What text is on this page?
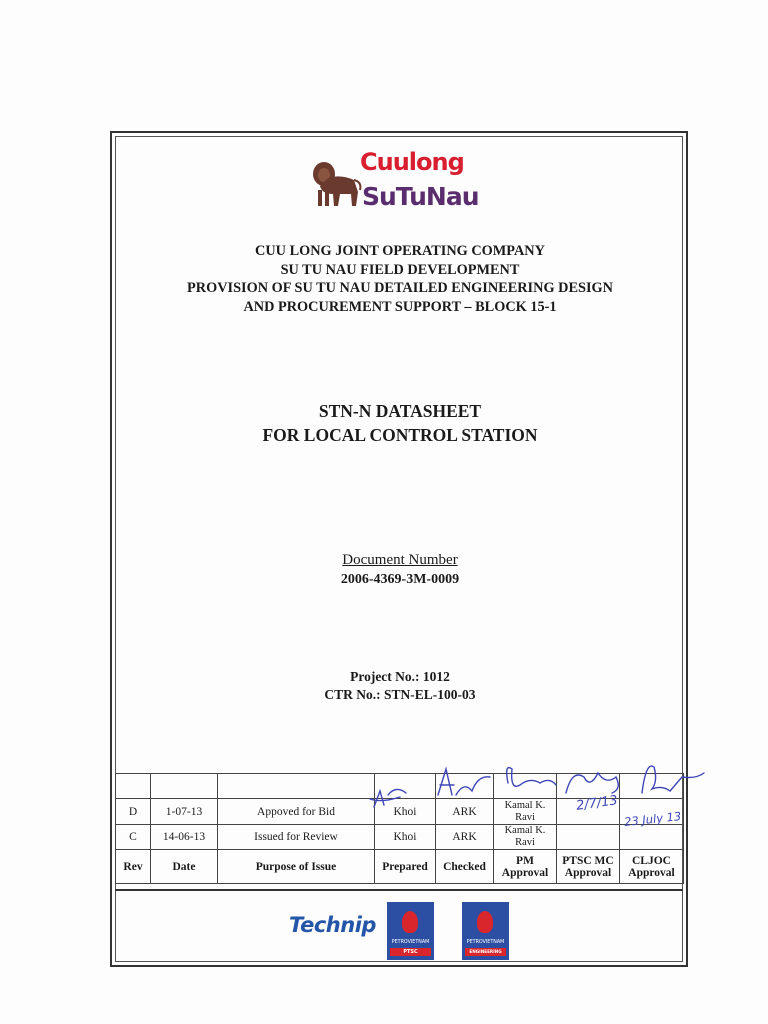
Cuulong
SuTuNau
CUU LONG JOINT OPERATING COMPANY
SU TU NAU FIELD DEVELOPMENT
PROVISION OF SU TU NAU DETAILED ENGINEERING DESIGN
AND PROCUREMENT SUPPORT – BLOCK 15-1
STN-N DATASHEET
FOR LOCAL CONTROL STATION
Document Number
2006-4369-3M-0009
Project No.: 1012
CTR No.: STN-EL-100-03

D	1-07-13	Appoved for Bid	Khoi	ARK	Kamal K. Ravi		
C	14-06-13	Issued for Review	Khoi	ARK	Kamal K. Ravi		
Rev	Date	Purpose of Issue	Prepared	Checked	PM Approval	PTSC MC Approval	CLJOC Approval
2/7/13
23 July 13
Technip
PETROVIETNAM
PTSC
PETROVIETNAM
ENGINEERING
